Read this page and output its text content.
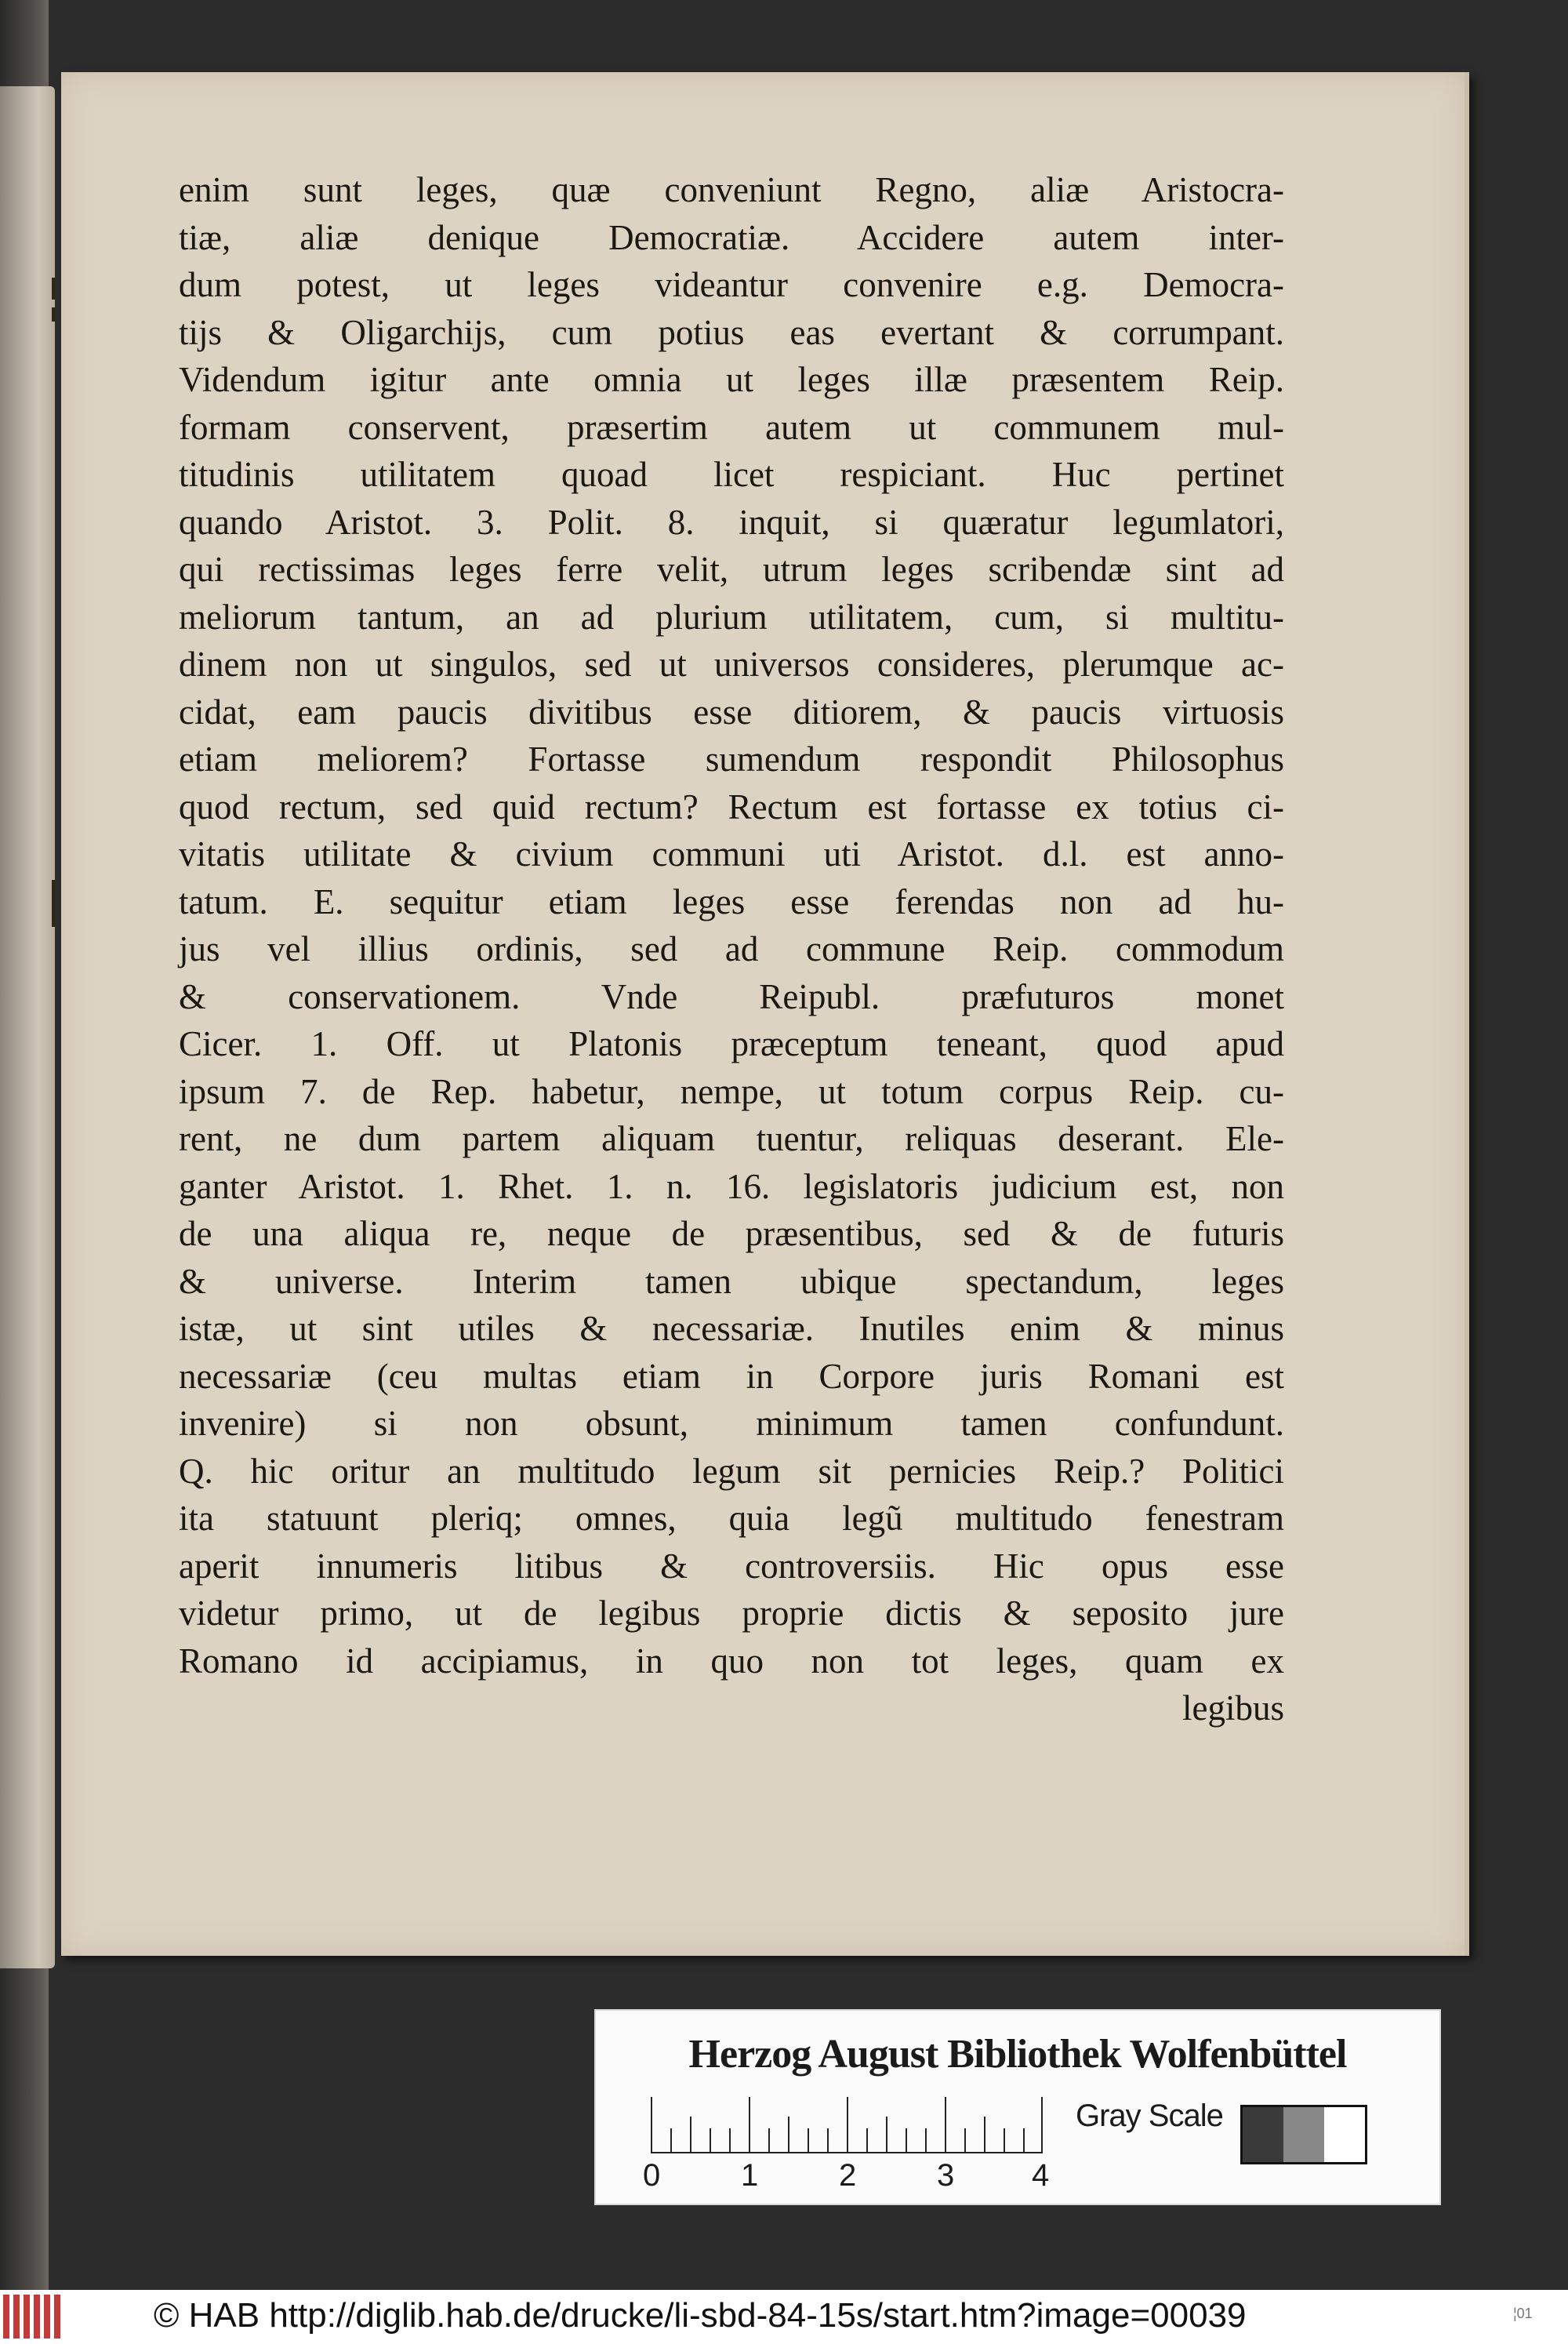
enim sunt leges, quæ conveniunt Regno, aliæ Aristocra-
tiæ, aliæ denique Democratiæ. Accidere autem inter-
dum potest, ut leges videantur convenire e.g. Democra-
tijs & Oligarchijs, cum potius eas evertant & corrumpant.
Videndum igitur ante omnia ut leges illæ præsentem Reip.
formam conservent, præsertim autem ut communem mul-
titudinis utilitatem quoad licet respiciant. Huc pertinet
quando Aristot. 3. Polit. 8. inquit, si quæratur legumlatori,
qui rectissimas leges ferre velit, utrum leges scribendæ sint ad
meliorum tantum, an ad plurium utilitatem, cum, si multitu-
dinem non ut singulos, sed ut universos consideres, plerumque ac-
cidat, eam paucis divitibus esse ditiorem, & paucis virtuosis
etiam meliorem? Fortasse sumendum respondit Philosophus
quod rectum, sed quid rectum? Rectum est fortasse ex totius ci-
vitatis utilitate & civium communi uti Aristot. d.l. est anno-
tatum. E. sequitur etiam leges esse ferendas non ad hu-
jus vel illius ordinis, sed ad commune Reip. commodum
& conservationem. Vnde Reipubl. præfuturos monet
Cicer. 1. Off. ut Platonis præceptum teneant, quod apud
ipsum 7. de Rep. habetur, nempe, ut totum corpus Reip. cu-
rent, ne dum partem aliquam tuentur, reliquas deserant. Ele-
ganter Aristot. 1. Rhet. 1. n. 16. legislatoris judicium est, non
de una aliqua re, neque de præsentibus, sed & de futuris
& universe. Interim tamen ubique spectandum, leges
istæ, ut sint utiles & necessariæ. Inutiles enim & minus
necessariæ (ceu multas etiam in Corpore juris Romani est
invenire) si non obsunt, minimum tamen confundunt.
Q. hic oritur an multitudo legum sit pernicies Reip.? Politici
ita statuunt pleriq; omnes, quia legũ multitudo fenestram
aperit innumeris litibus & controversiis. Hic opus esse
videtur primo, ut de legibus proprie dictis & seposito jure
Romano id accipiamus, in quo non tot leges, quam ex
legibus
Herzog August Bibliothek Wolfenbüttel
0	1	2	3 4
Gray Scale
© HAB http://diglib.hab.de/drucke/li-sbd-84-15s/start.htm?image=00039	¦01
